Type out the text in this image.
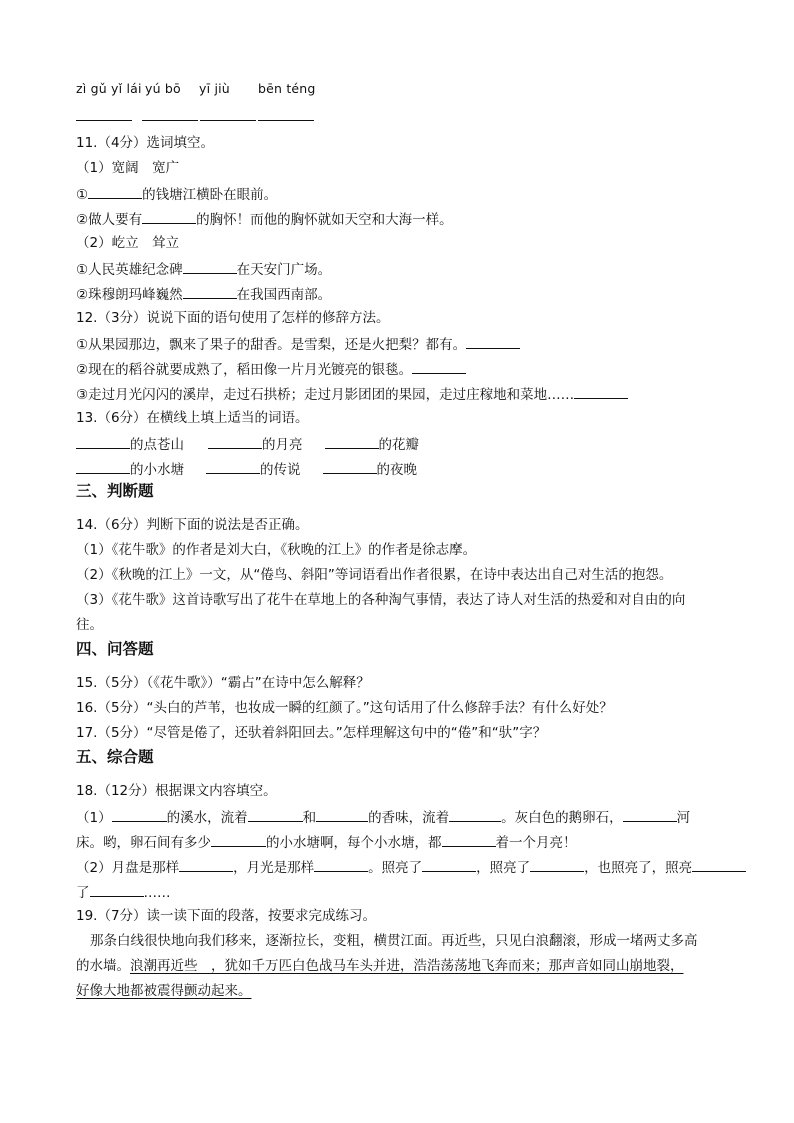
zì gǔ yǐ lái yú bō yī jiù bēn téng
11.（4分）选词填空。
（1）宽阔　宽广
①	的钱塘江横卧在眼前。
②做人要有	的胸怀！而他的胸怀就如天空和大海一样。
（2）屹立　耸立
①人民英雄纪念碑	在天安门广场。
②珠穆朗玛峰巍然	在我国西南部。
12.（3分）说说下面的语句使用了怎样的修辞方法。
①从果园那边，飘来了果子的甜香。是雪梨，还是火把梨？都有。
②现在的稻谷就要成熟了，稻田像一片月光镀亮的银毯。
③走过月光闪闪的溪岸，走过石拱桥；走过月影团团的果园，走过庄稼地和菜地……
13.（6分）在横线上填上适当的词语。
的点苍山	的月亮	的花瓣
的小水塘	的传说	的夜晚
三、判断题
14.（6分）判断下面的说法是否正确。
（1）《花牛歌》的作者是刘大白，《秋晚的江上》的作者是徐志摩。
（2）《秋晚的江上》一文，从“倦鸟、斜阳”等词语看出作者很累，在诗中表达出自己对生活的抱怨。
（3）《花牛歌》这首诗歌写出了花牛在草地上的各种淘气事情，表达了诗人对生活的热爱和对自由的向
往。
四、问答题
15.（5分）（《花牛歌》）“霸占”在诗中怎么解释？
16.（5分）“头白的芦苇，也妆成一瞬的红颜了。”这句话用了什么修辞手法？有什么好处？
17.（5分）“尽管是倦了，还驮着斜阳回去。”怎样理解这句中的“倦”和“驮”字？
五、综合题
18.（12分）根据课文内容填空。
（1）	的溪水，流着	和	的香味，流着	。灰白色的鹅卵石，	河
床。哟，卵石间有多少	的小水塘啊，每个小水塘，都	着一个月亮！
（2）月盘是那样	，月光是那样	。照亮了	，照亮了	，也照亮了，照亮
了	……
19.（7分）读一读下面的段落，按要求完成练习。
那条白线很快地向我们移来，逐渐拉长，变粗，横贯江面。再近些，只见白浪翻滚，形成一堵两丈多高
的水墙。浪潮再近些　，犹如千万匹白色战马车头并进，浩浩荡荡地飞奔而来；那声音如同山崩地裂，
好像大地都被震得颤动起来。
